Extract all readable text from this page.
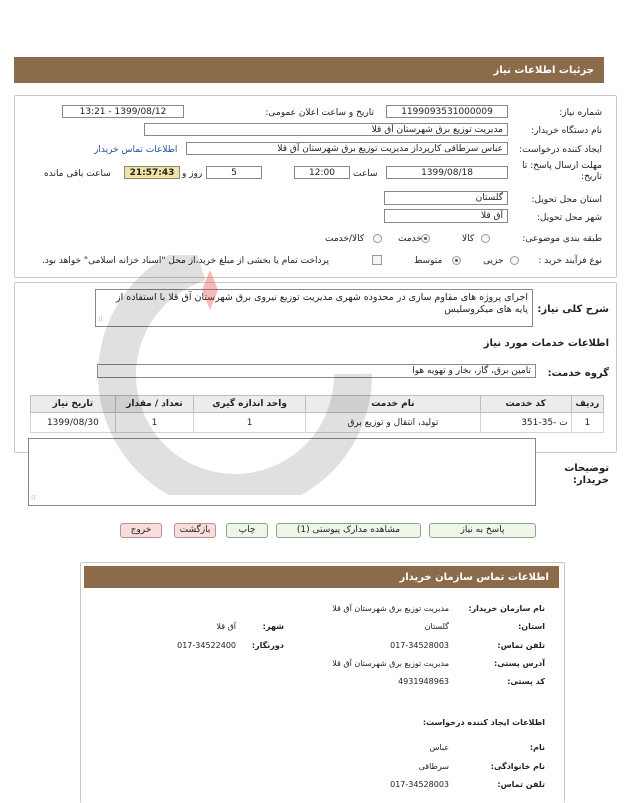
جزئیات اطلاعات نیاز
شماره نیاز:
1199093531000009
تاریخ و ساعت اعلان عمومی:
1399/08/12 - 13:21
نام دستگاه خریدار:
مدیریت توزیع برق شهرستان آق قلا
ایجاد کننده درخواست:
عباس سرطاقی کارپرداز مدیریت توزیع برق شهرستان آق قلا
اطلاعات تماس خریدار
مهلت ارسال پاسخ: تا تاریخ:
1399/08/18
ساعت
12:00
5
روز و
21:57:43
ساعت باقی مانده
استان محل تحویل:
گلستان
شهر محل تحویل:
آق قلا
طبقه بندی موضوعی:
کالا
خدمت
کالا/خدمت
نوع فرآیند خرید :
جزیی
متوسط
پرداخت تمام یا بخشی از مبلغ خرید،از محل "اسناد خزانه اسلامی" خواهد بود.
شرح کلی نیاز:
اجرای پروژه های مقاوم سازی در محدوده شهری مدیریت توزیع نیروی برق شهرستان آق قلا با استفاده از پایه های میکروسلیس
⁞⁞
اطلاعات خدمات مورد نیاز
گروه خدمت:
تامین برق، گاز، بخار و تهویه هوا
ردیف	کد خدمت	نام خدمت	واحد اندازه گیری	تعداد / مقدار	تاریخ نیاز
1	ت -35-351	تولید، انتقال و توزیع برق	1	1	1399/08/30
⁞⁞
توضیحات خریدار:
پاسخ به نیاز
مشاهده مدارک پیوستی (1)
چاپ
بازگشت
خروج
اطلاعات تماس سازمان خریدار
نام سازمان خریدار:
مدیریت توزیع برق شهرستان آق قلا
استان:
گلستان
شهر:
آق قلا
تلفن تماس:
017-34528003
دورنگار:
017-34522400
آدرس پستی:
مدیریت توزیع برق شهرستان آق قلا
کد پستی:
4931948963
اطلاعات ایجاد کننده درخواست:
نام:
عباس
نام خانوادگی:
سرطاقی
تلفن تماس:
017-34528003
